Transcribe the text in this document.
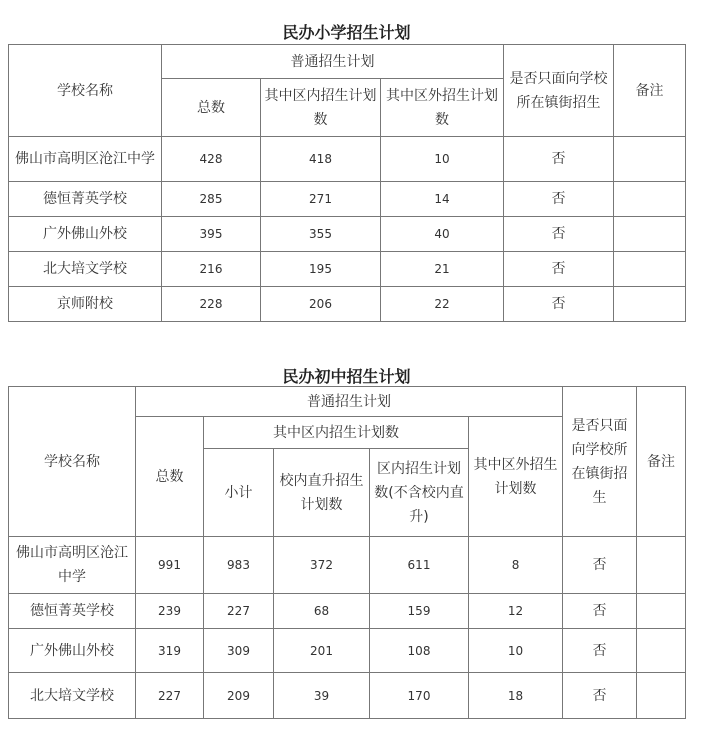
民办小学招生计划
学校名称	普通招生计划			是否只面向学校所在镇街招生	备注
	总数	其中区内招生计划数	其中区外招生计划数		
佛山市高明区沧江中学	428	418	10	否	
德恒菁英学校	285	271	14	否	
广外佛山外校	395	355	40	否	
北大培文学校	216	195	21	否	
京师附校	228	206	22	否	
民办初中招生计划
学校名称	普通招生计划					是否只面向学校所在镇街招生	备注
	总数	其中区内招生计划数			其中区外招生计划数		
		小计	校内直升招生计划数	区内招生计划数(不含校内直升)			
佛山市高明区沧江中学	991	983	372	611	8	否	
德恒菁英学校	239	227	68	159	12	否	
广外佛山外校	319	309	201	108	10	否	
北大培文学校	227	209	39	170	18	否	
